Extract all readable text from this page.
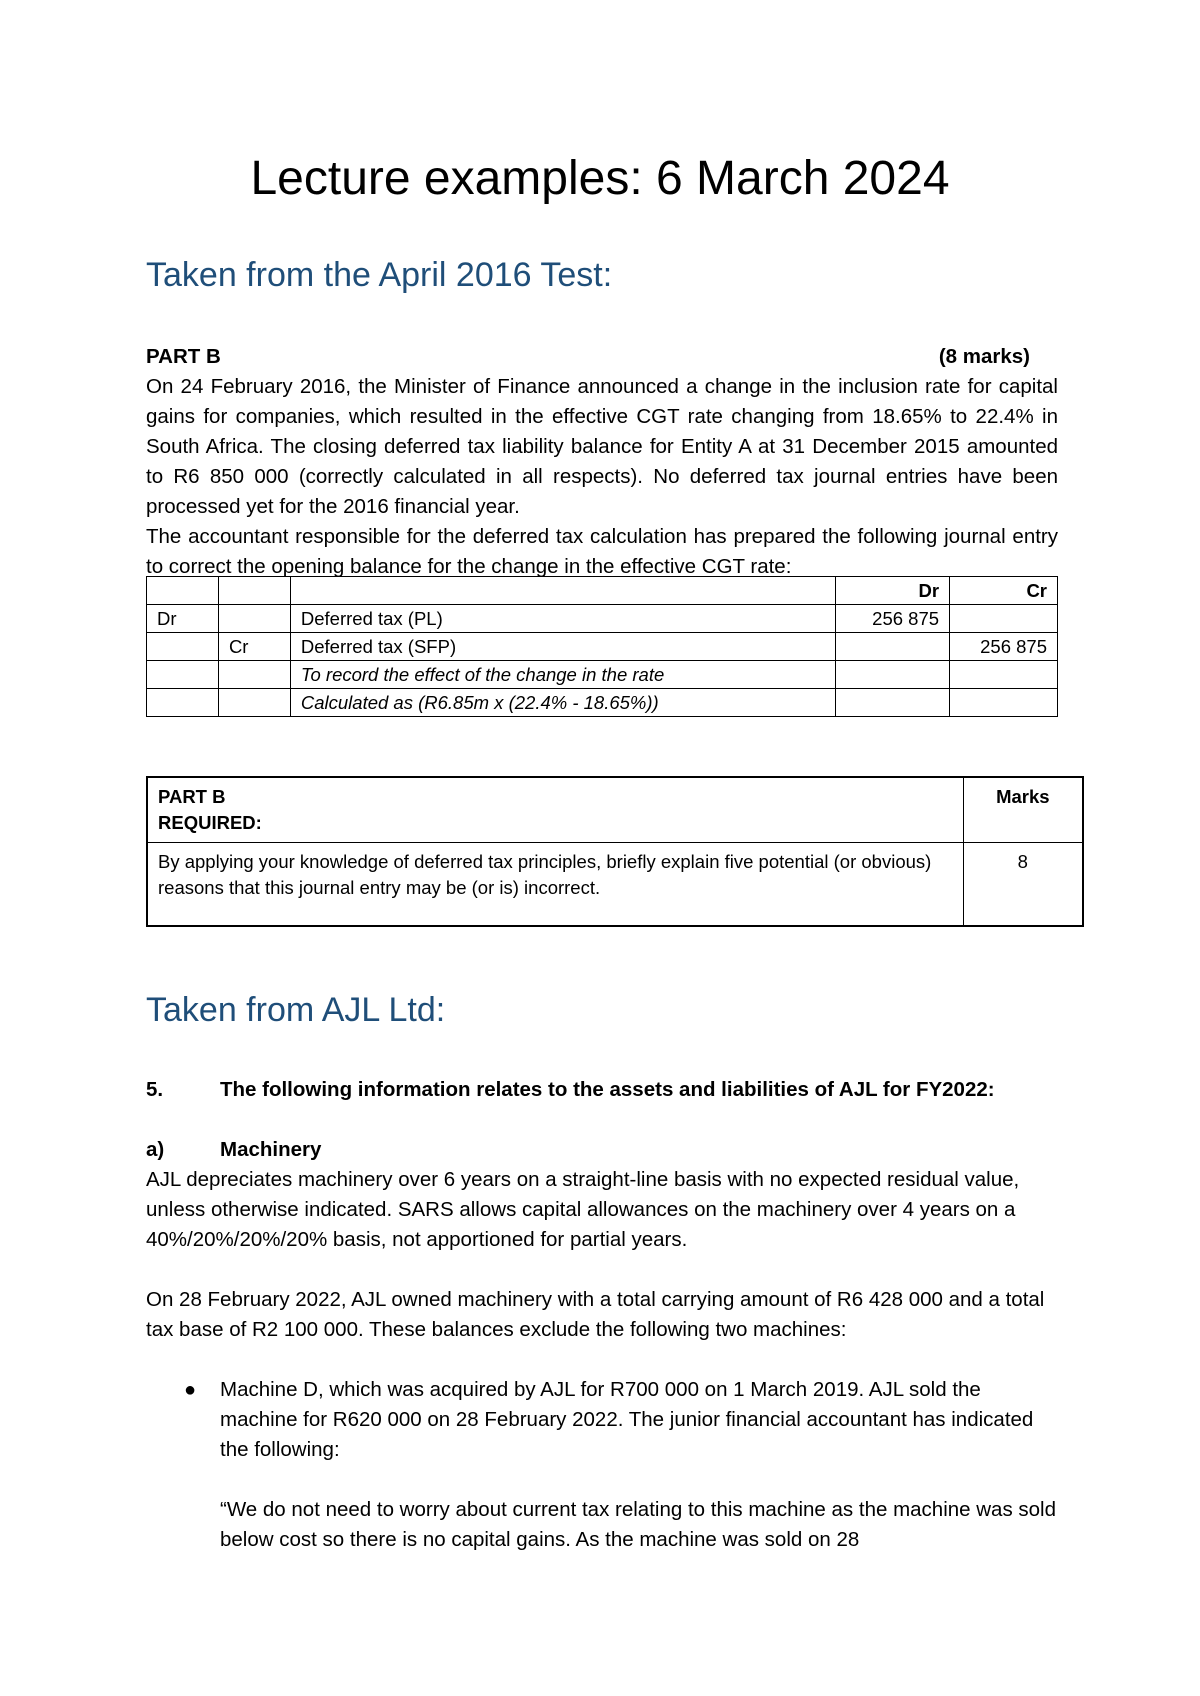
Lecture examples: 6 March 2024
Taken from the April 2016 Test:
PART B	(8 marks)
On 24 February 2016, the Minister of Finance announced a change in the inclusion rate for capital gains for companies, which resulted in the effective CGT rate changing from 18.65% to 22.4% in South Africa. The closing deferred tax liability balance for Entity A at 31 December 2015 amounted to R6 850 000 (correctly calculated in all respects). No deferred tax journal entries have been processed yet for the 2016 financial year.
The accountant responsible for the deferred tax calculation has prepared the following journal entry to correct the opening balance for the change in the effective CGT rate:
			Dr	Cr
Dr		Deferred tax (PL)	256 875	
	Cr	Deferred tax (SFP)		256 875
		To record the effect of the change in the rate		
		Calculated as (R6.85m x (22.4% - 18.65%))		
PART B
REQUIRED:	Marks
By applying your knowledge of deferred tax principles, briefly explain five potential (or obvious) reasons that this journal entry may be (or is) incorrect.	8
Taken from AJL Ltd:
5.	The following information relates to the assets and liabilities of AJL for FY2022:
a)	Machinery
AJL depreciates machinery over 6 years on a straight-line basis with no expected residual value, unless otherwise indicated. SARS allows capital allowances on the machinery over 4 years on a 40%/20%/20%/20% basis, not apportioned for partial years.
On 28 February 2022, AJL owned machinery with a total carrying amount of R6 428 000 and a total tax base of R2 100 000. These balances exclude the following two machines:
●	Machine D, which was acquired by AJL for R700 000 on 1 March 2019. AJL sold the machine for R620 000 on 28 February 2022. The junior financial accountant has indicated the following:
“We do not need to worry about current tax relating to this machine as the machine was sold below cost so there is no capital gains. As the machine was sold on 28
